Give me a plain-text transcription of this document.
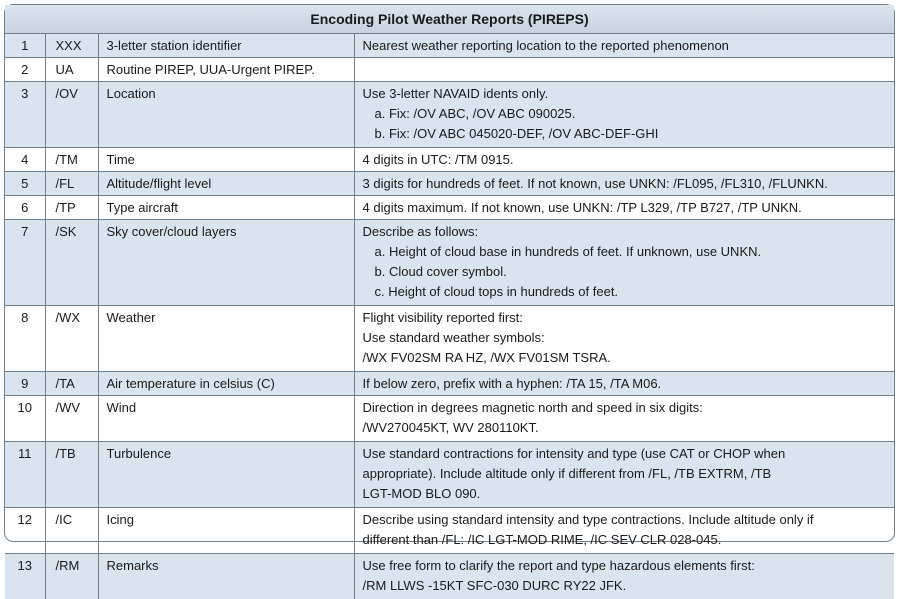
Encoding Pilot Weather Reports (PIREPS)
1	XXX	3-letter station identifier	Nearest weather reporting location to the reported phenomenon

2	UA	Routine PIREP, UUA-Urgent PIREP.	

3	/OV	Location	Use 3-letter NAVAID idents only.
a. Fix: /OV ABC, /OV ABC 090025.
b. Fix: /OV ABC 045020-DEF, /OV ABC-DEF-GHI

4	/TM	Time	4 digits in UTC: /TM 0915.

5	/FL	Altitude/flight level	3 digits for hundreds of feet. If not known, use UNKN: /FL095, /FL310, /FLUNKN.

6	/TP	Type aircraft	4 digits maximum. If not known, use UNKN: /TP L329, /TP B727, /TP UNKN.

7	/SK	Sky cover/cloud layers	Describe as follows:
a. Height of cloud base in hundreds of feet. If unknown, use UNKN.
b. Cloud cover symbol.
c. Height of cloud tops in hundreds of feet.

8	/WX	Weather	Flight visibility reported first:
Use standard weather symbols:
/WX FV02SM RA HZ, /WX FV01SM TSRA.

9	/TA	Air temperature in celsius (C)	If below zero, prefix with a hyphen: /TA 15, /TA M06.

10	/WV	Wind	Direction in degrees magnetic north and speed in six digits:
/WV270045KT, WV 280110KT.

11	/TB	Turbulence	Use standard contractions for intensity and type (use CAT or CHOP when
appropriate). Include altitude only if different from /FL, /TB EXTRM, /TB
LGT-MOD BLO 090.

12	/IC	Icing	Describe using standard intensity and type contractions. Include altitude only if
different than /FL: /IC LGT-MOD RIME, /IC SEV CLR 028-045.

13	/RM	Remarks	Use free form to clarify the report and type hazardous elements first:
/RM LLWS -15KT SFC-030 DURC RY22 JFK.
